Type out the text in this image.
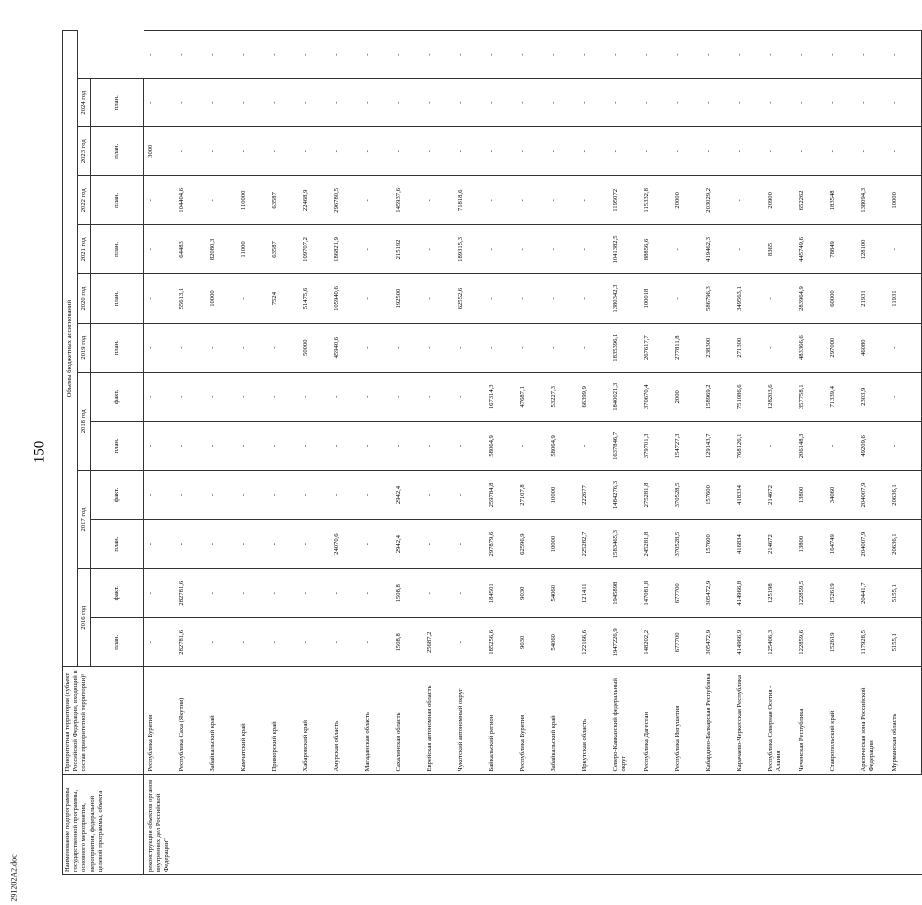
150
291202A2.doc
Наименование подпрограммы государственной программы, основного мероприятия, мероприятия, федеральной целевой программы, объекта	Приоритетная территория (субъект Российской Федерации, входящий в состав приоритетной территории)¹	Объемы бюджетных ассигнований												
		2016 год		2017 год		2018 год		2019 год	2020 год	2021 год	2022 год	2023 год	2024 год	
		план.	факт.	план.	факт.	план.	факт.	план.	план.	план.	план.	план.	план.	
реконструкция объектов органов внутренних дел Российской Федерации"	Республика Бурятия	-	-	-	-	-	-	-	-	-	-	3000	-	-
	Республика Саха (Якутия)	282781,6	282781,6	-	-	-	-	-	55613,1	64483	104404,6	-	-	-
	Забайкальский край	-	-	-	-	-	-	-	10000	82080,3	-	-	-	-
	Камчатский край	-	-	-	-	-	-	-	-	11000	110000	-	-	-
	Приморский край	-	-	-	-	-	-	-	7524	63587	63587	-	-	-
	Хабаровский край	-	-	-	-	-	-	50000	51475,6	109707,2	22468,9	-	-	-
	Амурская область	-	-	24070,6	-	-	-	45940,6	105940,6	186821,9	296780,5	-	-	-
	Магаданская область	-	-	-	-	-	-	-	-	-	-	-	-	-
	Сахалинская область	1508,8	1508,8	2942,4	2942,4	-	-	-	192500	215192	145937,6	-	-	-
	Еврейская автономная область	25687,2	-	-	-	-	-	-	-	-	-	-	-	-
	Чукотский автономный округ	-	-	-	-	-	-	-	62552,6	189315,3	71818,6	-	-	-
	Байкальский регион	185256,6	184501	297879,6	259784,8	58064,9	167314,3	-	-	-	-	-	-	-
	Республика Бурятия	9030	9030	62596,9	27107,8	-	47687,1	-	-	-	-	-	-	-
	Забайкальский край	54060	54060	10000	10000	58064,9	53227,3	-	-	-	-	-	-	-
	Иркутская область	122166,6	121411	225282,7	222677	-	66399,9	-	-	-	-	-	-	-
	Северо-Кавказский федеральный округ	1947226,9	1945898	1583465,3	1484276,3	1637846,7	1840021,3	1835396,1	1380342,3	1041382,5	1195072	-	-	-
	Республика Дагестан	148202,2	147081,8	245281,8	275281,8	379701,3	370670,4	267617,7	100018	88856,6	115332,8	-	-	-
	Республика Ингушетия	677700	677700	370528,5	370528,5	154727,3	2000	277811,8	-	-	20000	-	-	-
	Кабардино-Балкарская Республика	305472,9	305472,9	157600	157600	129143,7	158969,2	238300	586796,3	419462,3	203029,2	-	-	-
	Карачаево-Черкесская Республика	414966,9	414966,8	416834	418334	768126,1	751086,6	271300	349563,1	-	-	-	-	-
	Республика Северная Осетия - Алания	125406,3	125198	214672	214672	-	128203,6	-	-	8365	20900	-	-	-
	Чеченская Республика	122859,6	122859,5	13800	13800	206148,3	357758,1	483366,6	283964,9	445749,6	652262	-	-	-
	Ставропольский край	152619	152619	164749	34060	-	71339,4	297000	60000	78849	183548	-	-	-
	Арктическая зона Российской Федерации	117928,5	20441,7	204007,9	204007,9	49209,6	2303,9	46080	21931	128100	138094,3	-	-	-
	Мурманская область	5155,1	5155,1	20636,1	20636,1	-	-	-	11931	-	10000	-	-	-
